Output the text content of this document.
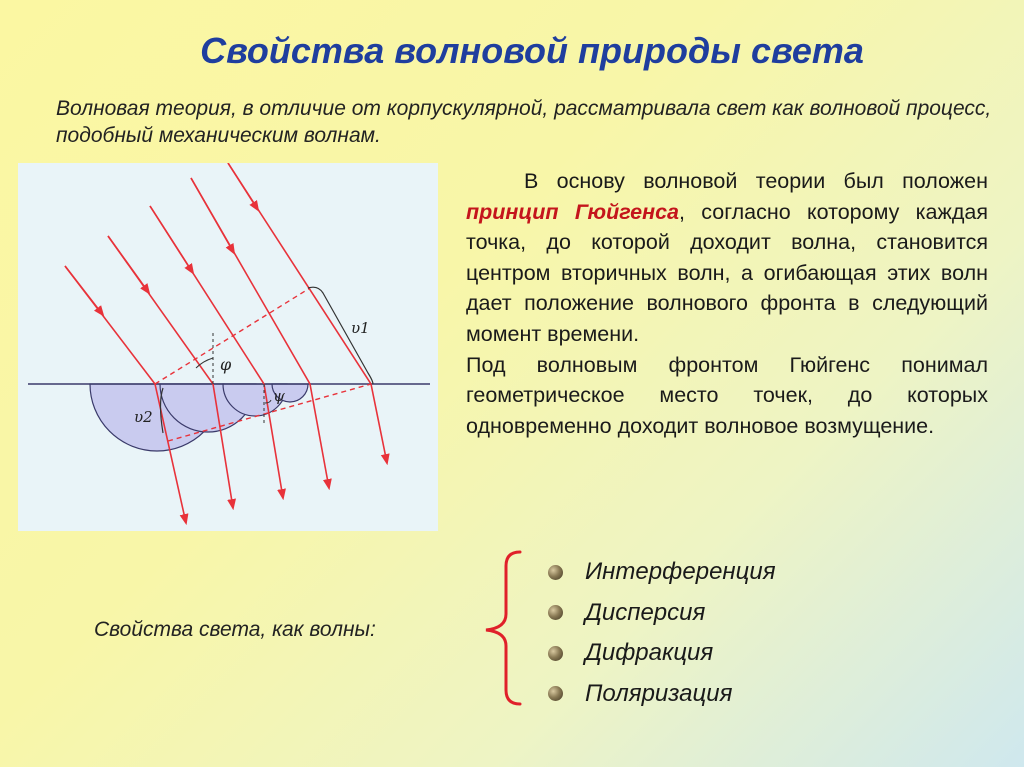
Свойства волновой природы света
Волновая теория, в отличие от корпускулярной, рассматривала свет как волновой процесс, подобный механическим волнам.
υ1
υ2
φ
ψ

В основу волновой теории был положен принцип Гюйгенса, согласно которому каждая точка, до которой доходит волна, становится центром вторичных волн, а огибающая этих волн дает положение волнового фронта в следующий момент времени.

Под волновым фронтом Гюйгенс понимал геометрическое место точек, до которых одновременно доходит волновое возмущение.

Свойства света, как волны:
Интерференция
Дисперсия
Дифракция
Поляризация
